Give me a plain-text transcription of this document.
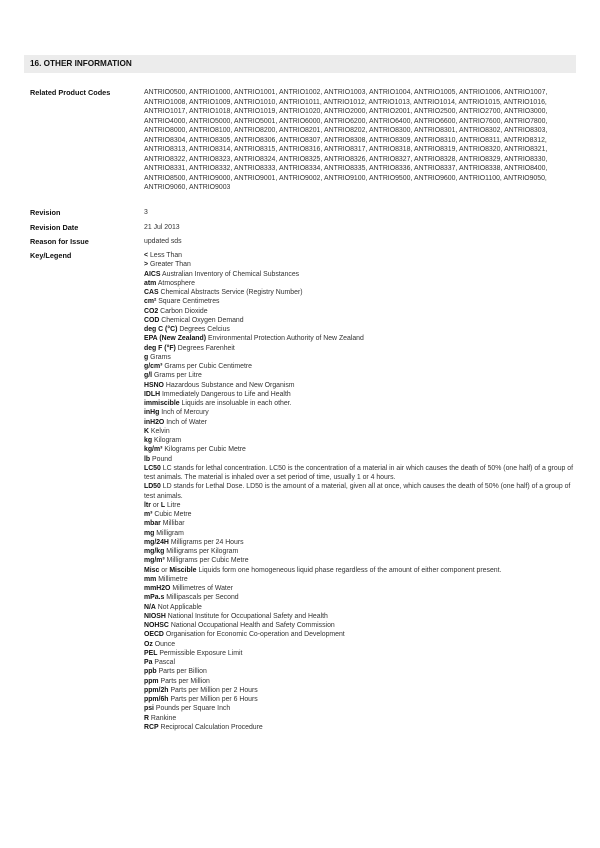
16. OTHER INFORMATION
Related Product Codes	ANTRIO0500, ANTRIO1000, ANTRIO1001, ANTRIO1002, ANTRIO1003, ANTRIO1004, ANTRIO1005, ANTRIO1006, ANTRIO1007, ANTRIO1008, ANTRIO1009, ANTRIO1010, ANTRIO1011, ANTRIO1012, ANTRIO1013, ANTRIO1014, ANTRIO1015, ANTRIO1016, ANTRIO1017, ANTRIO1018, ANTRIO1019, ANTRIO1020, ANTRIO2000, ANTRIO2001, ANTRIO2500, ANTRIO2700, ANTRIO3000, ANTRIO4000, ANTRIO5000, ANTRIO5001, ANTRIO6000, ANTRIO6200, ANTRIO6400, ANTRIO6600, ANTRIO7600, ANTRIO7800, ANTRIO8000, ANTRIO8100, ANTRIO8200, ANTRIO8201, ANTRIO8202, ANTRIO8300, ANTRIO8301, ANTRIO8302, ANTRIO8303, ANTRIO8304, ANTRIO8305, ANTRIO8306, ANTRIO8307, ANTRIO8308, ANTRIO8309, ANTRIO8310, ANTRIO8311, ANTRIO8312, ANTRIO8313, ANTRIO8314, ANTRIO8315, ANTRIO8316, ANTRIO8317, ANTRIO8318, ANTRIO8319, ANTRIO8320, ANTRIO8321, ANTRIO8322, ANTRIO8323, ANTRIO8324, ANTRIO8325, ANTRIO8326, ANTRIO8327, ANTRIO8328, ANTRIO8329, ANTRIO8330, ANTRIO8331, ANTRIO8332, ANTRIO8333, ANTRIO8334, ANTRIO8335, ANTRIO8336, ANTRIO8337, ANTRIO8338, ANTRIO8400, ANTRIO8500, ANTRIO9000, ANTRIO9001, ANTRIO9002, ANTRIO9100, ANTRIO9500, ANTRIO9600, ANTRIO1100, ANTRIO9050, ANTRIO9060, ANTRIO9003
Revision	3
Revision Date	21 Jul 2013
Reason for Issue	updated sds
Key/Legend	< Less Than
> Greater Than
AICS Australian Inventory of Chemical Substances
atm Atmosphere
CAS Chemical Abstracts Service (Registry Number)
cm² Square Centimetres
CO2 Carbon Dioxide
COD Chemical Oxygen Demand
deg C (°C) Degrees Celcius
EPA (New Zealand) Environmental Protection Authority of New Zealand
deg F (°F) Degrees Farenheit
g Grams
g/cm³ Grams per Cubic Centimetre
g/l Grams per Litre
HSNO Hazardous Substance and New Organism
IDLH Immediately Dangerous to Life and Health
immiscible Liquids are insoluable in each other.
inHg Inch of Mercury
inH2O Inch of Water
K Kelvin
kg Kilogram
kg/m³ Kilograms per Cubic Metre
lb Pound
LC50 LC stands for lethal concentration. LC50 is the concentration of a material in air which causes the death of 50% (one half) of a group of test animals. The material is inhaled over a set period of time, usually 1 or 4 hours.
LD50 LD stands for Lethal Dose. LD50 is the amount of a material, given all at once, which causes the death of 50% (one half) of a group of test animals.
ltr or L Litre
m³ Cubic Metre
mbar Millibar
mg Milligram
mg/24H Milligrams per 24 Hours
mg/kg Milligrams per Kilogram
mg/m³ Milligrams per Cubic Metre
Misc or Miscible Liquids form one homogeneous liquid phase regardless of the amount of either component present.
mm Millimetre
mmH2O Millimetres of Water
mPa.s Millipascals per Second
N/A Not Applicable
NIOSH National Institute for Occupational Safety and Health
NOHSC National Occupational Health and Safety Commission
OECD Organisation for Economic Co-operation and Development
Oz Ounce
PEL Permissible Exposure Limit
Pa Pascal
ppb Parts per Billion
ppm Parts per Million
ppm/2h Parts per Million per 2 Hours
ppm/6h Parts per Million per 6 Hours
psi Pounds per Square Inch
R Rankine
RCP Reciprocal Calculation Procedure
